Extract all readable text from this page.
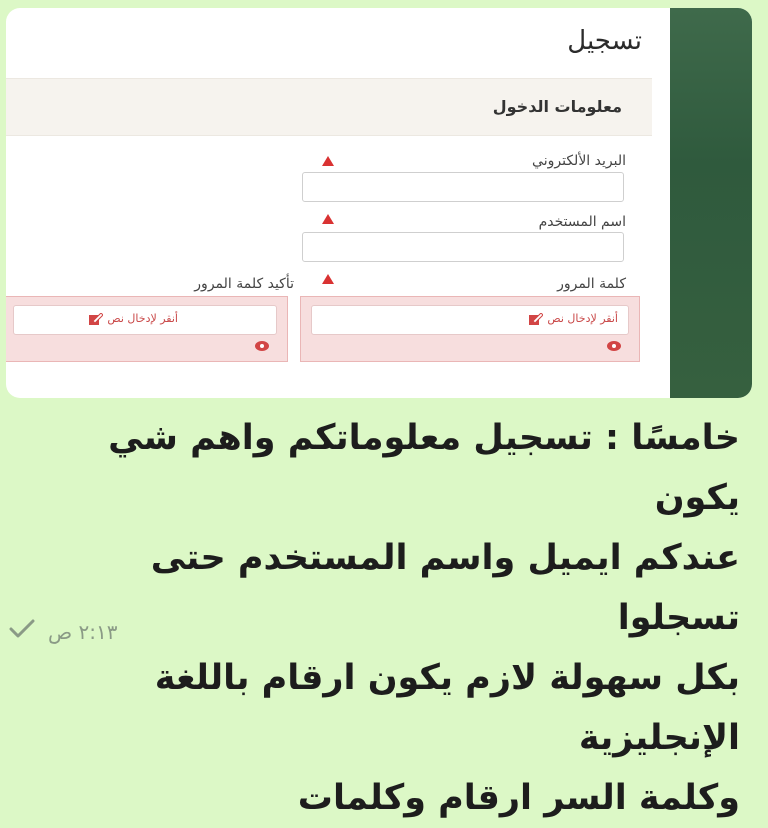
تسجيل
معلومات الدخول
البريد الألكتروني
اسم المستخدم
كلمة المرور
أنقر لإدخال نص
تأكيد كلمة المرور
أنقر لإدخال نص
خامسًا : تسجيل معلوماتكم واهم شي يكون
عندكم ايميل واسم المستخدم حتى تسجلوا
بكل سهولة لازم يكون ارقام باللغة الإنجليزية
وكلمة السر ارقام وكلمات
٢:١٣ ص
